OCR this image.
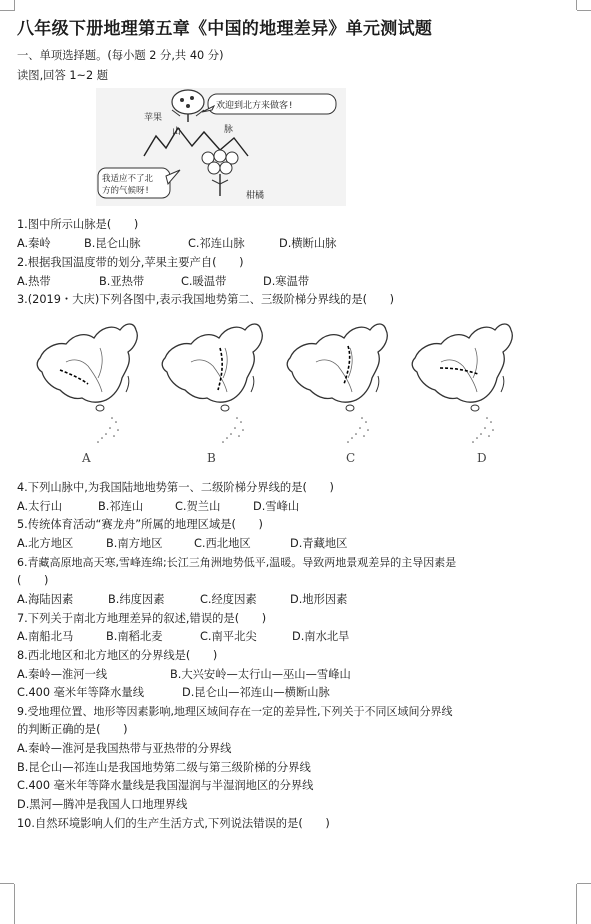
八年级下册地理第五章《中国的地理差异》单元测试题
一、单项选择题。(每小题 2 分,共 40 分)
读图,回答 1~2 题
苹果
欢迎到北方来做客!
山	脉
我适应不了北
方的气候呀!	柑橘
1.图中所示山脉是(　　)
A.秦岭	B.昆仑山脉	C.祁连山脉	D.横断山脉
2.根据我国温度带的划分,苹果主要产自(　　)
A.热带	B.亚热带	C.暖温带	D.寒温带
3.(2019・大庆)下列各图中,表示我国地势第二、三级阶梯分界线的是(　　)
A	B	C	D
4.下列山脉中,为我国陆地地势第一、二级阶梯分界线的是(　　)
A.太行山	B.祁连山	C.贺兰山	D.雪峰山
5.传统体育活动“赛龙舟”所属的地理区域是(　　)
A.北方地区	B.南方地区	C.西北地区	D.青藏地区
6.青藏高原地高天寒,雪峰连绵;长江三角洲地势低平,温暖。导致两地景观差异的主导因素是
(　　)
A.海陆因素	B.纬度因素	C.经度因素	D.地形因素
7.下列关于南北方地理差异的叙述,错误的是(　　)
A.南船北马	B.南稻北麦	C.南平北尖	D.南水北旱
8.西北地区和北方地区的分界线是(　　)
A.秦岭—淮河一线	B.大兴安岭—太行山—巫山—雪峰山
C.400 毫米年等降水量线	D.昆仑山—祁连山—横断山脉
9.受地理位置、地形等因素影响,地理区域间存在一定的差异性,下列关于不同区域间分界线
的判断正确的是(　　)
A.秦岭—淮河是我国热带与亚热带的分界线
B.昆仑山—祁连山是我国地势第二级与第三级阶梯的分界线
C.400 毫米年等降水量线是我国湿润与半湿润地区的分界线
D.黑河—腾冲是我国人口地理界线
10.自然环境影响人们的生产生活方式,下列说法错误的是(　　)
